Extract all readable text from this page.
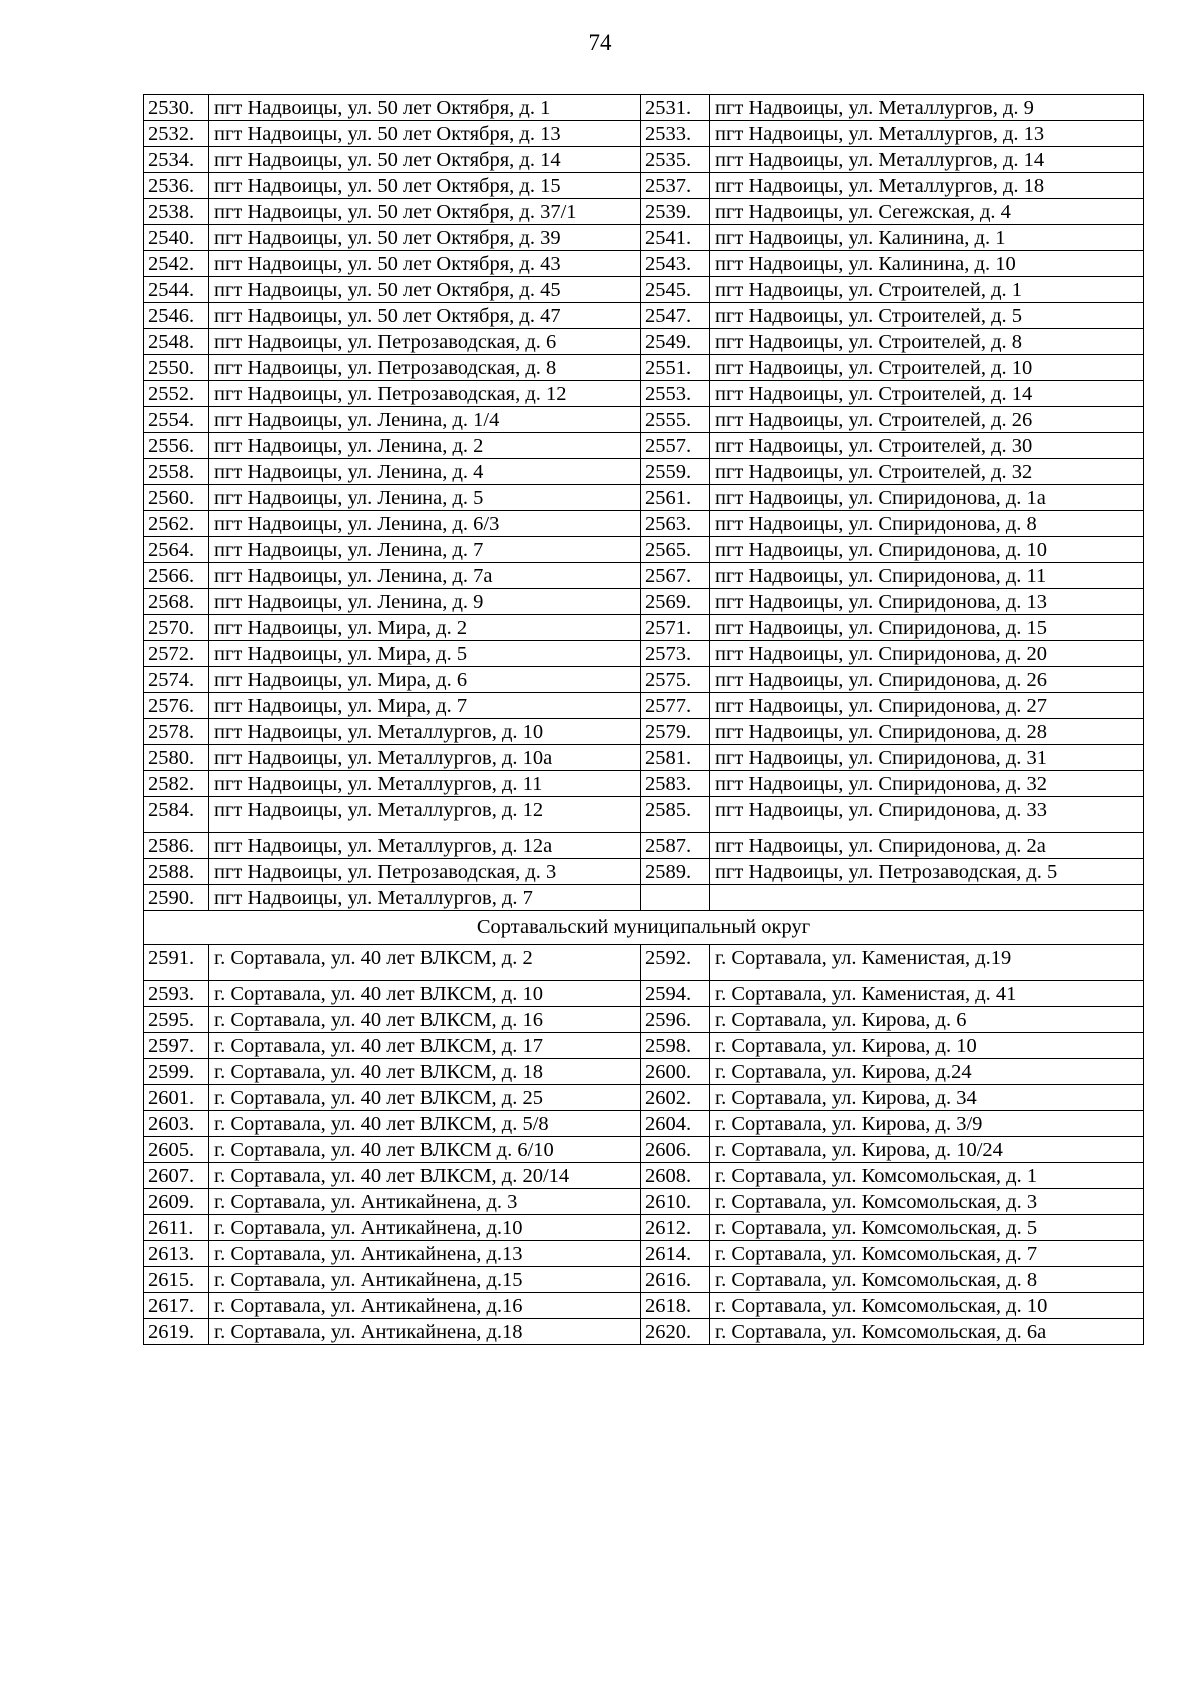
74
2530.	пгт Надвоицы, ул. 50 лет Октября, д. 1	2531.	пгт Надвоицы, ул. Металлургов, д. 9
2532.	пгт Надвоицы, ул. 50 лет Октября, д. 13	2533.	пгт Надвоицы, ул. Металлургов, д. 13
2534.	пгт Надвоицы, ул. 50 лет Октября, д. 14	2535.	пгт Надвоицы, ул. Металлургов, д. 14
2536.	пгт Надвоицы, ул. 50 лет Октября, д. 15	2537.	пгт Надвоицы, ул. Металлургов, д. 18
2538.	пгт Надвоицы, ул. 50 лет Октября, д. 37/1	2539.	пгт Надвоицы, ул. Сегежская, д. 4
2540.	пгт Надвоицы, ул. 50 лет Октября, д. 39	2541.	пгт Надвоицы, ул. Калинина, д. 1
2542.	пгт Надвоицы, ул. 50 лет Октября, д. 43	2543.	пгт Надвоицы, ул. Калинина, д. 10
2544.	пгт Надвоицы, ул. 50 лет Октября, д. 45	2545.	пгт Надвоицы, ул. Строителей, д. 1
2546.	пгт Надвоицы, ул. 50 лет Октября, д. 47	2547.	пгт Надвоицы, ул. Строителей, д. 5
2548.	пгт Надвоицы, ул. Петрозаводская, д. 6	2549.	пгт Надвоицы, ул. Строителей, д. 8
2550.	пгт Надвоицы, ул. Петрозаводская, д. 8	2551.	пгт Надвоицы, ул. Строителей, д. 10
2552.	пгт Надвоицы, ул. Петрозаводская, д. 12	2553.	пгт Надвоицы, ул. Строителей, д. 14
2554.	пгт Надвоицы, ул. Ленина, д. 1/4	2555.	пгт Надвоицы, ул. Строителей, д. 26
2556.	пгт Надвоицы, ул. Ленина, д. 2	2557.	пгт Надвоицы, ул. Строителей, д. 30
2558.	пгт Надвоицы, ул. Ленина, д. 4	2559.	пгт Надвоицы, ул. Строителей, д. 32
2560.	пгт Надвоицы, ул. Ленина, д. 5	2561.	пгт Надвоицы, ул. Спиридонова, д. 1а
2562.	пгт Надвоицы, ул. Ленина, д. 6/3	2563.	пгт Надвоицы, ул. Спиридонова, д. 8
2564.	пгт Надвоицы, ул. Ленина, д. 7	2565.	пгт Надвоицы, ул. Спиридонова, д. 10
2566.	пгт Надвоицы, ул. Ленина, д. 7а	2567.	пгт Надвоицы, ул. Спиридонова, д. 11
2568.	пгт Надвоицы, ул. Ленина, д. 9	2569.	пгт Надвоицы, ул. Спиридонова, д. 13
2570.	пгт Надвоицы, ул. Мира, д. 2	2571.	пгт Надвоицы, ул. Спиридонова, д. 15
2572.	пгт Надвоицы, ул. Мира, д. 5	2573.	пгт Надвоицы, ул. Спиридонова, д. 20
2574.	пгт Надвоицы, ул. Мира, д. 6	2575.	пгт Надвоицы, ул. Спиридонова, д. 26
2576.	пгт Надвоицы, ул. Мира, д. 7	2577.	пгт Надвоицы, ул. Спиридонова, д. 27
2578.	пгт Надвоицы, ул. Металлургов, д. 10	2579.	пгт Надвоицы, ул. Спиридонова, д. 28
2580.	пгт Надвоицы, ул. Металлургов, д. 10а	2581.	пгт Надвоицы, ул. Спиридонова, д. 31
2582.	пгт Надвоицы, ул. Металлургов, д. 11	2583.	пгт Надвоицы, ул. Спиридонова, д. 32
2584.	пгт Надвоицы, ул. Металлургов, д. 12	2585.	пгт Надвоицы, ул. Спиридонова, д. 33
2586.	пгт Надвоицы, ул. Металлургов, д. 12а	2587.	пгт Надвоицы, ул. Спиридонова, д. 2а
2588.	пгт Надвоицы, ул. Петрозаводская, д. 3	2589.	пгт Надвоицы, ул. Петрозаводская, д. 5
2590.	пгт Надвоицы, ул. Металлургов, д. 7		
Сортавальский муниципальный округ			
2591.	г. Сортавала, ул. 40 лет ВЛКСМ, д. 2	2592.	г. Сортавала, ул. Каменистая, д.19
2593.	г. Сортавала, ул. 40 лет ВЛКСМ, д. 10	2594.	г. Сортавала, ул. Каменистая, д. 41
2595.	г. Сортавала, ул. 40 лет ВЛКСМ, д. 16	2596.	г. Сортавала, ул. Кирова, д. 6
2597.	г. Сортавала, ул. 40 лет ВЛКСМ, д. 17	2598.	г. Сортавала, ул. Кирова, д. 10
2599.	г. Сортавала, ул. 40 лет ВЛКСМ, д. 18	2600.	г. Сортавала, ул. Кирова, д.24
2601.	г. Сортавала, ул. 40 лет ВЛКСМ, д. 25	2602.	г. Сортавала, ул. Кирова, д. 34
2603.	г. Сортавала, ул. 40 лет ВЛКСМ, д. 5/8	2604.	г. Сортавала, ул. Кирова, д. 3/9
2605.	г. Сортавала, ул. 40 лет ВЛКСМ д. 6/10	2606.	г. Сортавала, ул. Кирова, д. 10/24
2607.	г. Сортавала, ул. 40 лет ВЛКСМ, д. 20/14	2608.	г. Сортавала, ул. Комсомольская, д. 1
2609.	г. Сортавала, ул. Антикайнена, д. 3	2610.	г. Сортавала, ул. Комсомольская, д. 3
2611.	г. Сортавала, ул. Антикайнена, д.10	2612.	г. Сортавала, ул. Комсомольская, д. 5
2613.	г. Сортавала, ул. Антикайнена, д.13	2614.	г. Сортавала, ул. Комсомольская, д. 7
2615.	г. Сортавала, ул. Антикайнена, д.15	2616.	г. Сортавала, ул. Комсомольская, д. 8
2617.	г. Сортавала, ул. Антикайнена, д.16	2618.	г. Сортавала, ул. Комсомольская, д. 10
2619.	г. Сортавала, ул. Антикайнена, д.18	2620.	г. Сортавала, ул. Комсомольская, д. 6а
